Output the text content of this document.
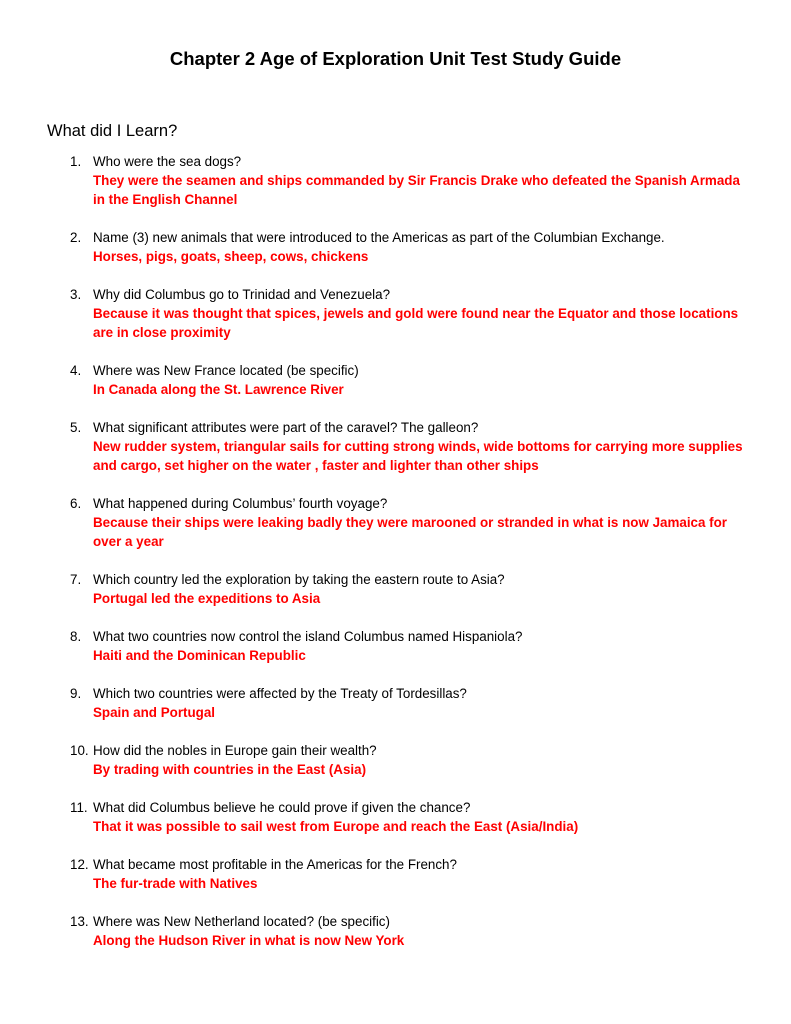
Chapter 2 Age of Exploration Unit Test Study Guide
What did I Learn?
1. Who were the sea dogs?
They were the seamen and ships commanded by Sir Francis Drake who defeated the Spanish Armada in the English Channel
2. Name (3) new animals that were introduced to the Americas as part of the Columbian Exchange.
Horses, pigs, goats, sheep, cows, chickens
3. Why did Columbus go to Trinidad and Venezuela?
Because it was thought that spices, jewels and gold were found near the Equator and those locations are in close proximity
4. Where was New France located (be specific)
In Canada along the St. Lawrence River
5. What significant attributes were part of the caravel? The galleon?
New rudder system, triangular sails for cutting strong winds, wide bottoms for carrying more supplies and cargo, set higher on the water , faster and lighter than other ships
6. What happened during Columbus’ fourth voyage?
Because their ships were leaking badly they were marooned or stranded in what is now Jamaica for over a year
7. Which country led the exploration by taking the eastern route to Asia?
Portugal led the expeditions to Asia
8. What two countries now control the island Columbus named Hispaniola?
Haiti and the Dominican Republic
9. Which two countries were affected by the Treaty of Tordesillas?
Spain and Portugal
10. How did the nobles in Europe gain their wealth?
By trading with countries in the East (Asia)
11. What did Columbus believe he could prove if given the chance?
That it was possible to sail west from Europe and reach the East (Asia/India)
12. What became most profitable in the Americas for the French?
The fur-trade with Natives
13. Where was New Netherland located? (be specific)
Along the Hudson River in what is now New York
